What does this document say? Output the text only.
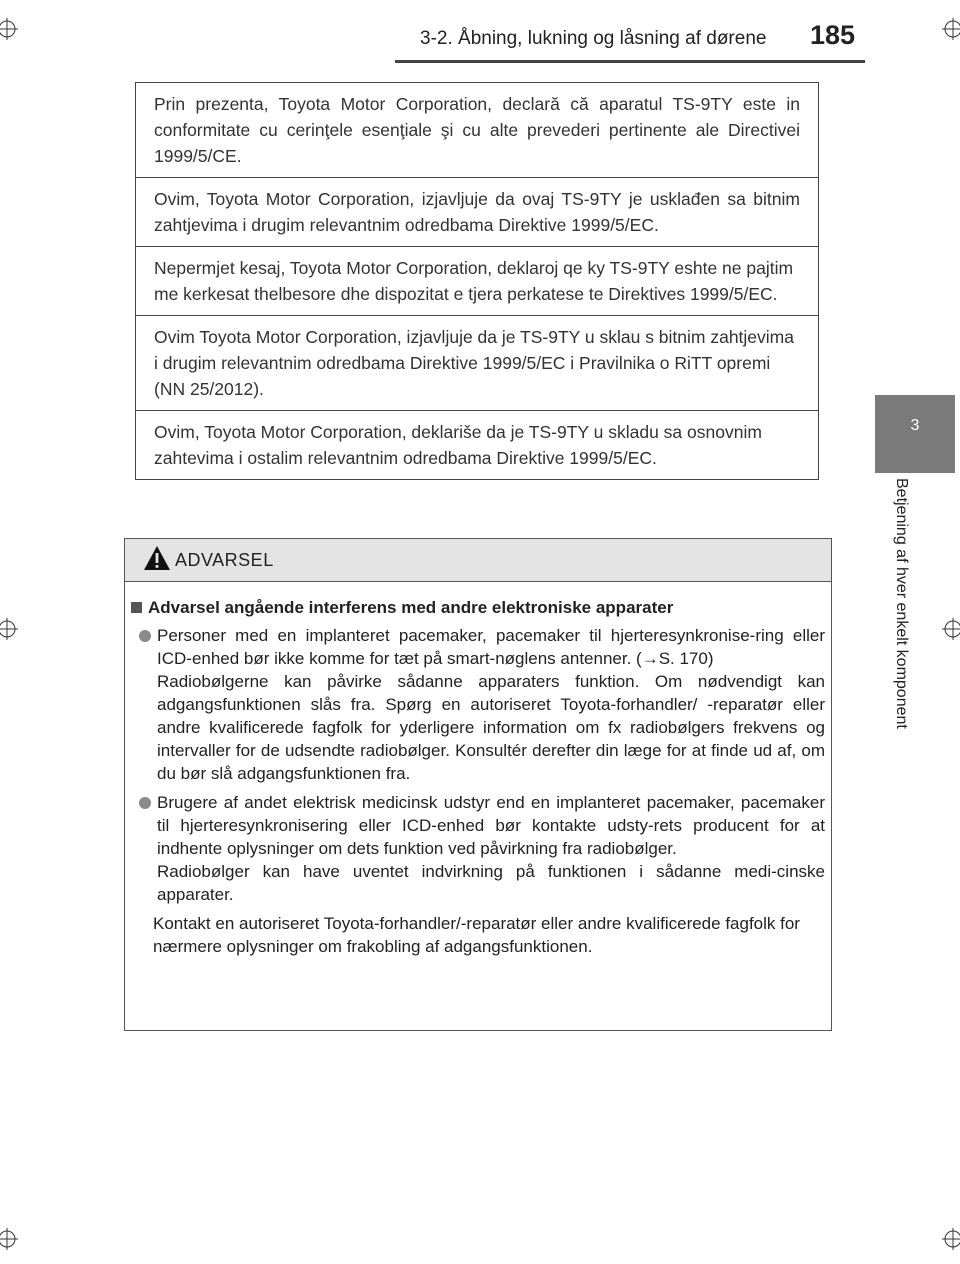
3-2. Åbning, lukning og låsning af dørene 185
3
Betjening af hver enkelt komponent
Prin prezenta, Toyota Motor Corporation, declară că aparatul TS-9TY este in conformitate cu cerinţele esenţiale şi cu alte prevederi pertinente ale Directivei 1999/5/CE.
Ovim, Toyota Motor Corporation, izjavljuje da ovaj TS-9TY je usklađen sa bitnim zahtjevima i drugim relevantnim odredbama Direktive 1999/5/EC.
Nepermjet kesaj, Toyota Motor Corporation, deklaroj qe ky TS-9TY eshte ne pajtim me kerkesat thelbesore dhe dispozitat e tjera perkatese te Direktives 1999/5/EC.
Ovim Toyota Motor Corporation, izjavljuje da je TS-9TY u sklau s bitnim zahtjevima i drugim relevantnim odredbama Direktive 1999/5/EC i Pravilnika o RiTT opremi (NN 25/2012).
Ovim, Toyota Motor Corporation, deklariše da je TS-9TY u skladu sa osnovnim zahtevima i ostalim relevantnim odredbama Direktive 1999/5/EC.
ADVARSEL
Advarsel angående interferens med andre elektroniske apparater

Personer med en implanteret pacemaker, pacemaker til hjerteresynkronise-ring eller ICD-enhed bør ikke komme for tæt på smart-nøglens antenner. (→S. 170)

Radiobølgerne kan påvirke sådanne apparaters funktion. Om nødvendigt kan adgangsfunktionen slås fra. Spørg en autoriseret Toyota-forhandler/ -reparatør eller andre kvalificerede fagfolk for yderligere information om fx radiobølgers frekvens og intervaller for de udsendte radiobølger. Konsultér derefter din læge for at finde ud af, om du bør slå adgangsfunktionen fra.

Brugere af andet elektrisk medicinsk udstyr end en implanteret pacemaker, pacemaker til hjerteresynkronisering eller ICD-enhed bør kontakte udsty-rets producent for at indhente oplysninger om dets funktion ved påvirkning fra radiobølger.

Radiobølger kan have uventet indvirkning på funktionen i sådanne medi-cinske apparater.

Kontakt en autoriseret Toyota-forhandler/-reparatør eller andre kvalificerede fagfolk for nærmere oplysninger om frakobling af adgangsfunktionen.
